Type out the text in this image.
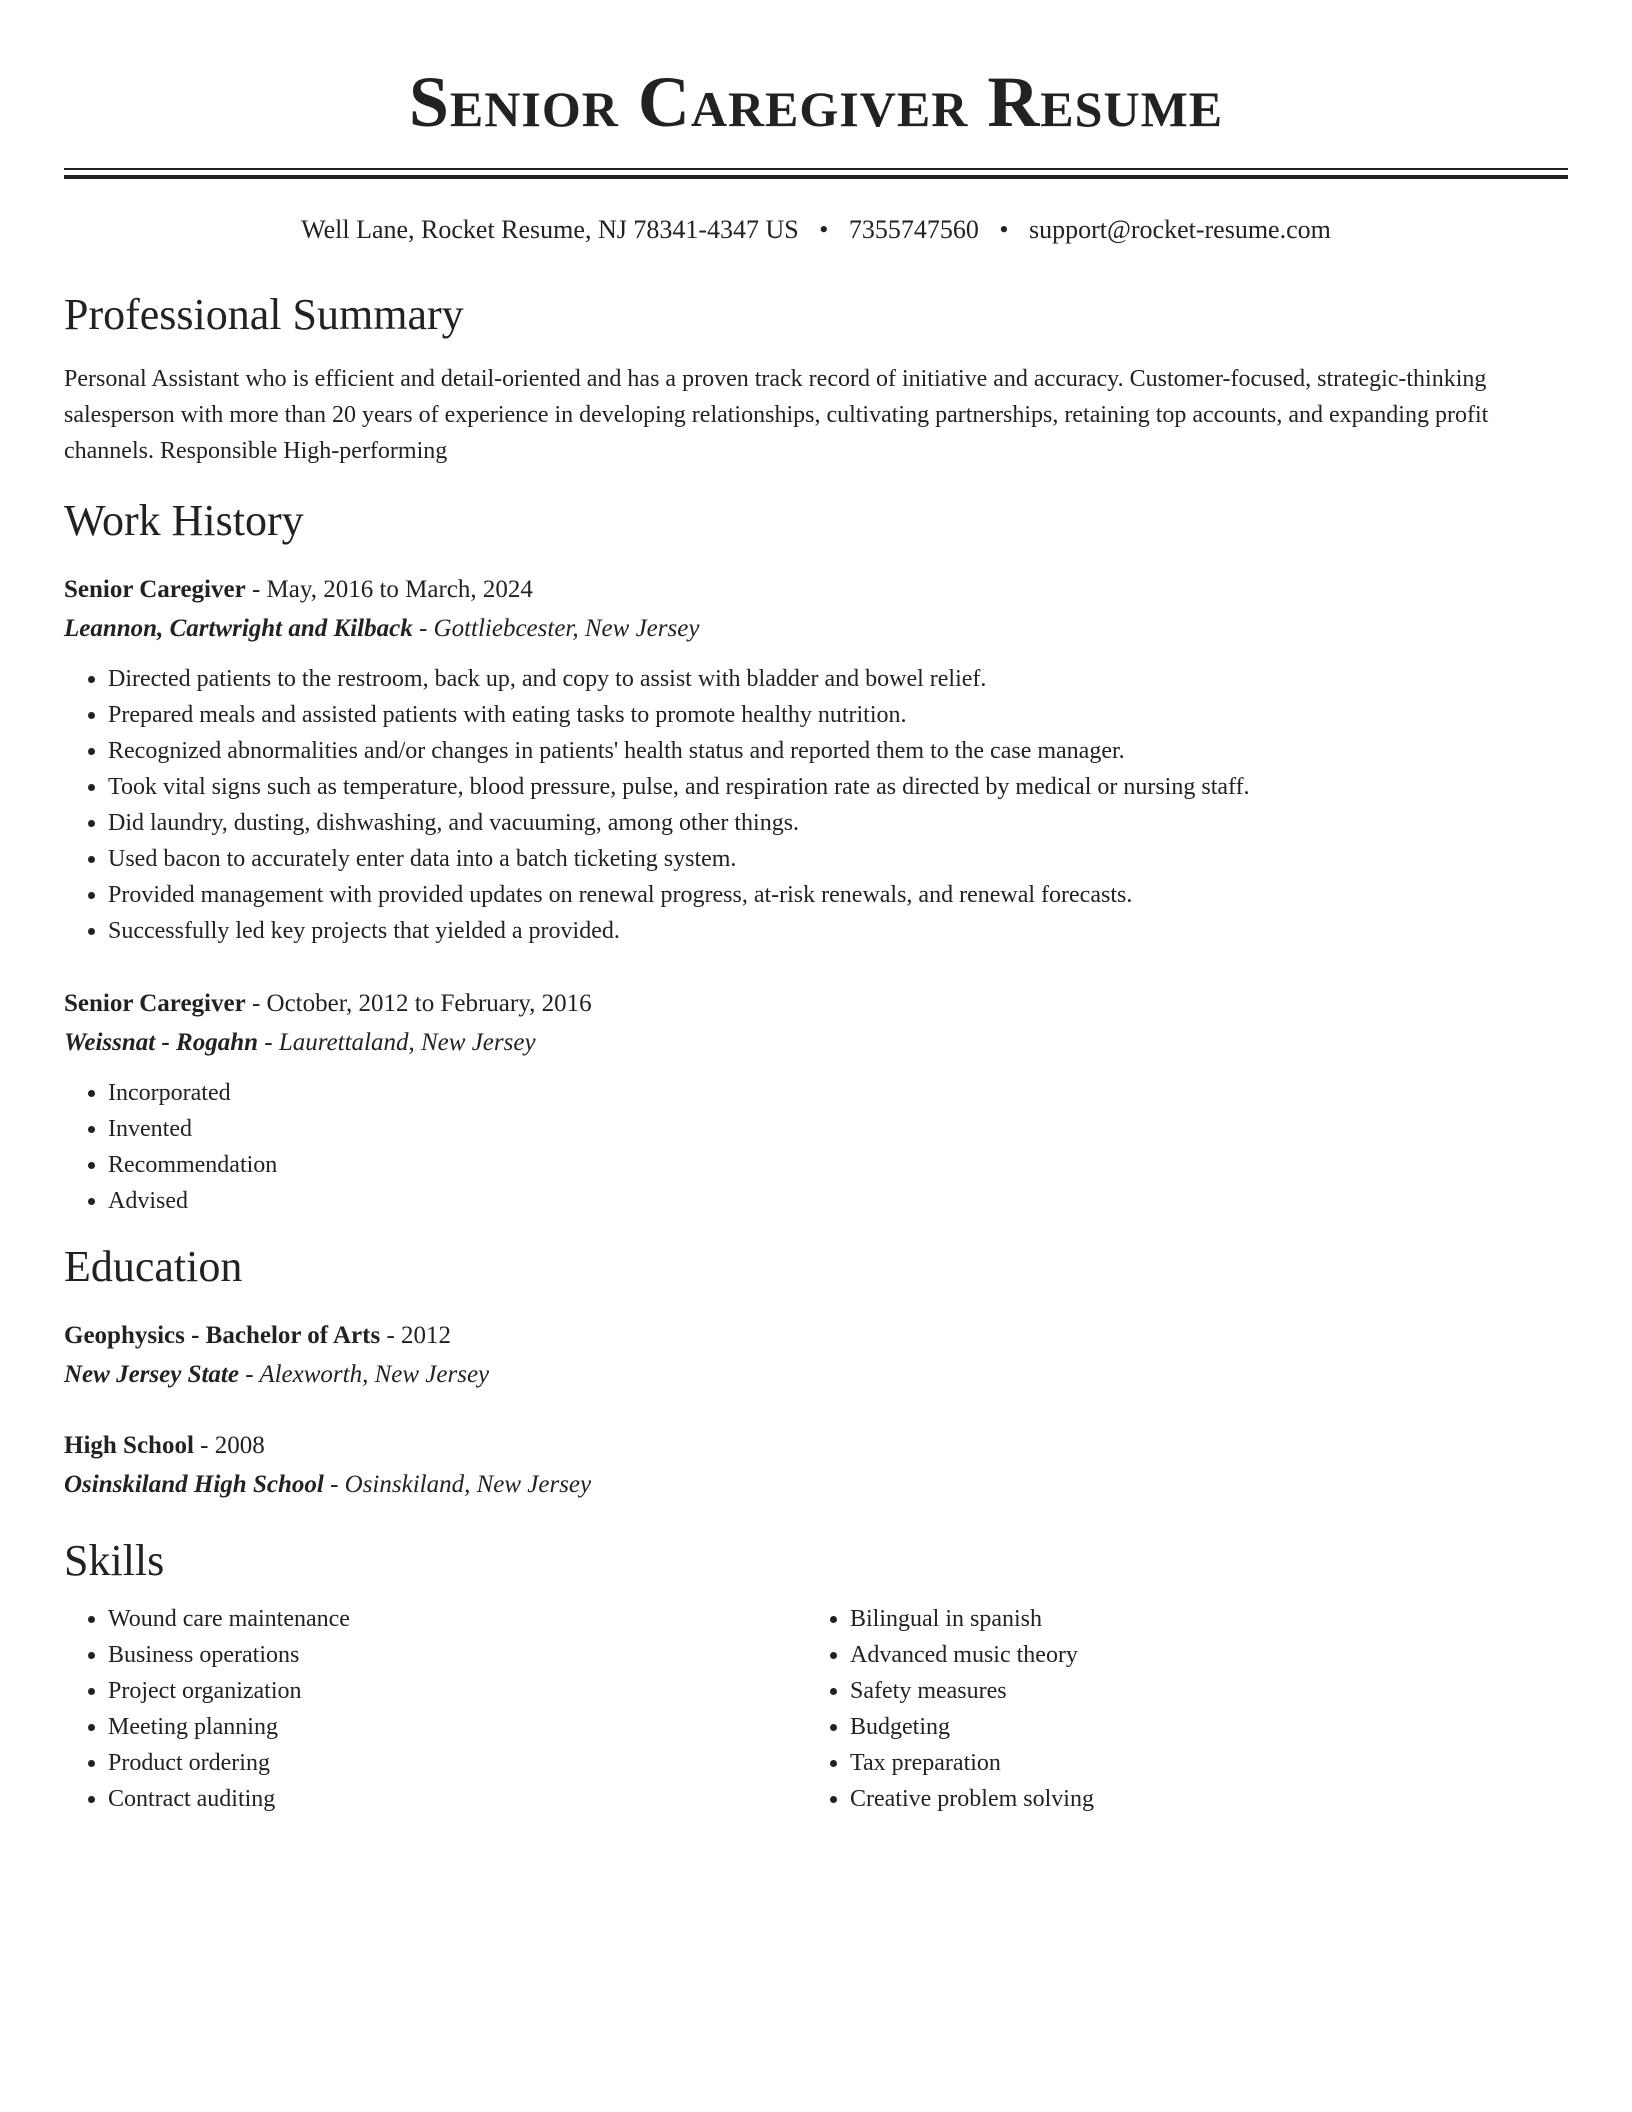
Senior Caregiver Resume
Well Lane, Rocket Resume, NJ 78341-4347 US • 7355747560 • support@rocket-resume.com
Professional Summary
Personal Assistant who is efficient and detail-oriented and has a proven track record of initiative and accuracy. Customer-focused, strategic-thinking salesperson with more than 20 years of experience in developing relationships, cultivating partnerships, retaining top accounts, and expanding profit channels. Responsible High-performing
Work History
Senior Caregiver - May, 2016 to March, 2024
Leannon, Cartwright and Kilback - Gottliebcester, New Jersey
• Directed patients to the restroom, back up, and copy to assist with bladder and bowel relief.
• Prepared meals and assisted patients with eating tasks to promote healthy nutrition.
• Recognized abnormalities and/or changes in patients' health status and reported them to the case manager.
• Took vital signs such as temperature, blood pressure, pulse, and respiration rate as directed by medical or nursing staff.
• Did laundry, dusting, dishwashing, and vacuuming, among other things.
• Used bacon to accurately enter data into a batch ticketing system.
• Provided management with provided updates on renewal progress, at-risk renewals, and renewal forecasts.
• Successfully led key projects that yielded a provided.
Senior Caregiver - October, 2012 to February, 2016
Weissnat - Rogahn - Laurettaland, New Jersey
• Incorporated
• Invented
• Recommendation
• Advised
Education
Geophysics - Bachelor of Arts - 2012
New Jersey State - Alexworth, New Jersey
High School - 2008
Osinskiland High School - Osinskiland, New Jersey
Skills
• Wound care maintenance
• Business operations
• Project organization
• Meeting planning
• Product ordering
• Contract auditing
• Bilingual in spanish
• Advanced music theory
• Safety measures
• Budgeting
• Tax preparation
• Creative problem solving
